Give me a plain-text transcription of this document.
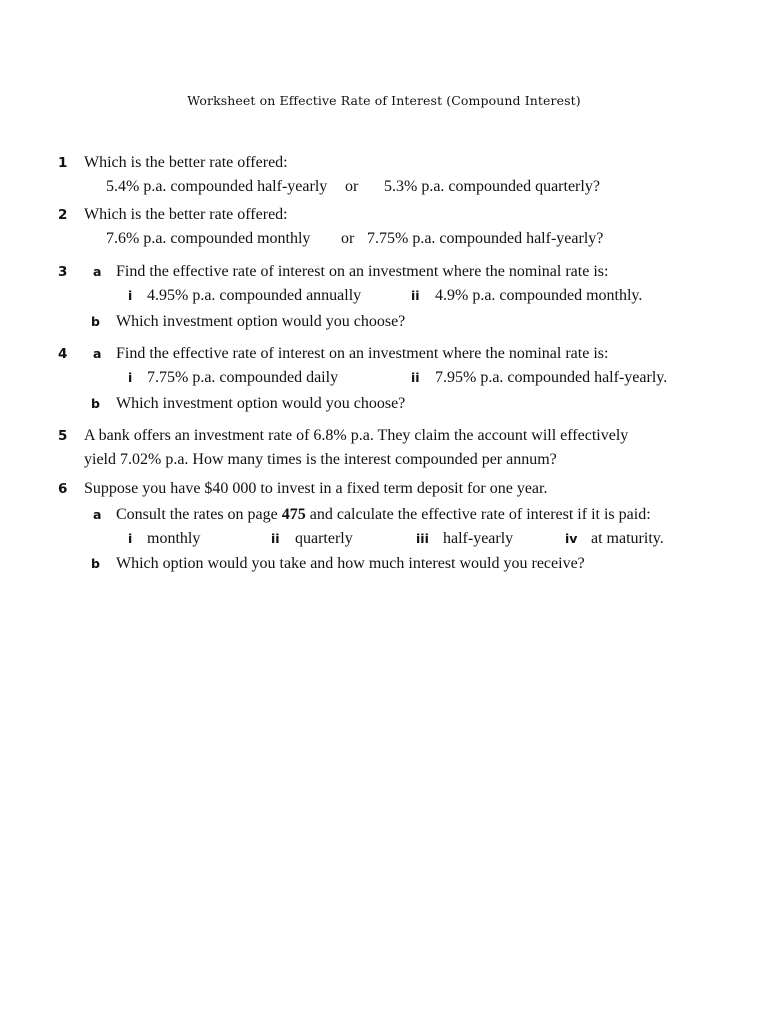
Worksheet on Effective Rate of Interest (Compound Interest)
1 Which is the better rate offered:
5.4% p.a. compounded half-yearly or 5.3% p.a. compounded quarterly?
2 Which is the better rate offered:
7.6% p.a. compounded monthly or 7.75% p.a. compounded half-yearly?
3 a Find the effective rate of interest on an investment where the nominal rate is:
i 4.95% p.a. compounded annually	ii 4.9% p.a. compounded monthly.
b Which investment option would you choose?
4 a Find the effective rate of interest on an investment where the nominal rate is:
i 7.75% p.a. compounded daily	ii 7.95% p.a. compounded half-yearly.
b Which investment option would you choose?
5 A bank offers an investment rate of 6.8% p.a. They claim the account will effectively
yield 7.02% p.a. How many times is the interest compounded per annum?
6 Suppose you have $40 000 to invest in a fixed term deposit for one year.
a Consult the rates on page 475 and calculate the effective rate of interest if it is paid:
i monthly	ii quarterly	iii half-yearly	iv at maturity.
b Which option would you take and how much interest would you receive?
